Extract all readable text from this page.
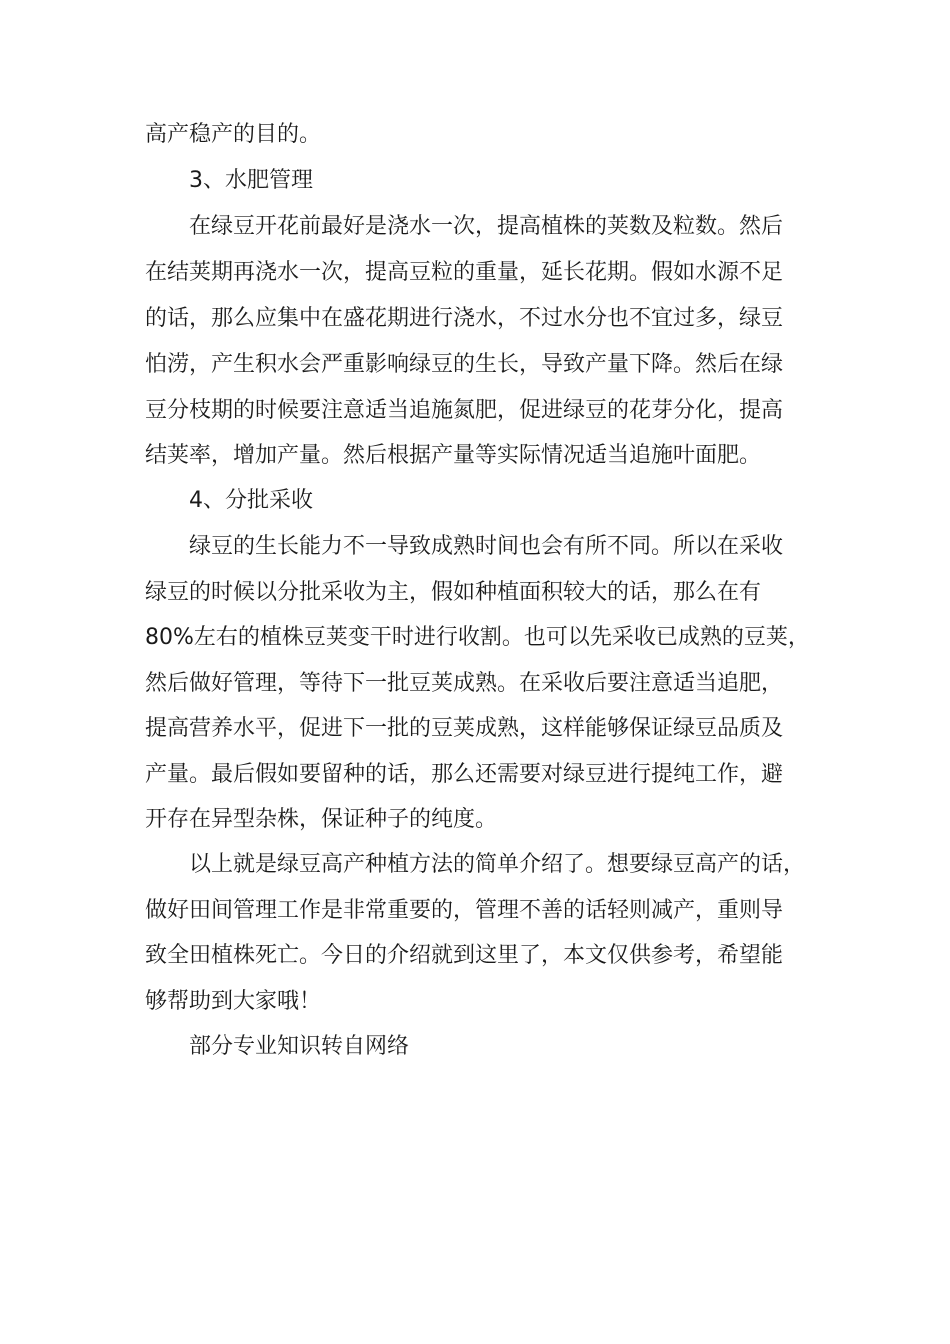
高产稳产的目的。
3、水肥管理
在绿豆开花前最好是浇水一次，提高植株的荚数及粒数。然后
在结荚期再浇水一次，提高豆粒的重量，延长花期。假如水源不足
的话，那么应集中在盛花期进行浇水，不过水分也不宜过多，绿豆
怕涝，产生积水会严重影响绿豆的生长，导致产量下降。然后在绿
豆分枝期的时候要注意适当追施氮肥，促进绿豆的花芽分化，提高
结荚率，增加产量。然后根据产量等实际情况适当追施叶面肥。
4、分批采收
绿豆的生长能力不一导致成熟时间也会有所不同。所以在采收
绿豆的时候以分批采收为主，假如种植面积较大的话，那么在有
80%左右的植株豆荚变干时进行收割。也可以先采收已成熟的豆荚，
然后做好管理，等待下一批豆荚成熟。在采收后要注意适当追肥，
提高营养水平，促进下一批的豆荚成熟，这样能够保证绿豆品质及
产量。最后假如要留种的话，那么还需要对绿豆进行提纯工作，避
开存在异型杂株，保证种子的纯度。
以上就是绿豆高产种植方法的简单介绍了。想要绿豆高产的话，
做好田间管理工作是非常重要的，管理不善的话轻则减产，重则导
致全田植株死亡。今日的介绍就到这里了，本文仅供参考，希望能
够帮助到大家哦！
部分专业知识转自网络
